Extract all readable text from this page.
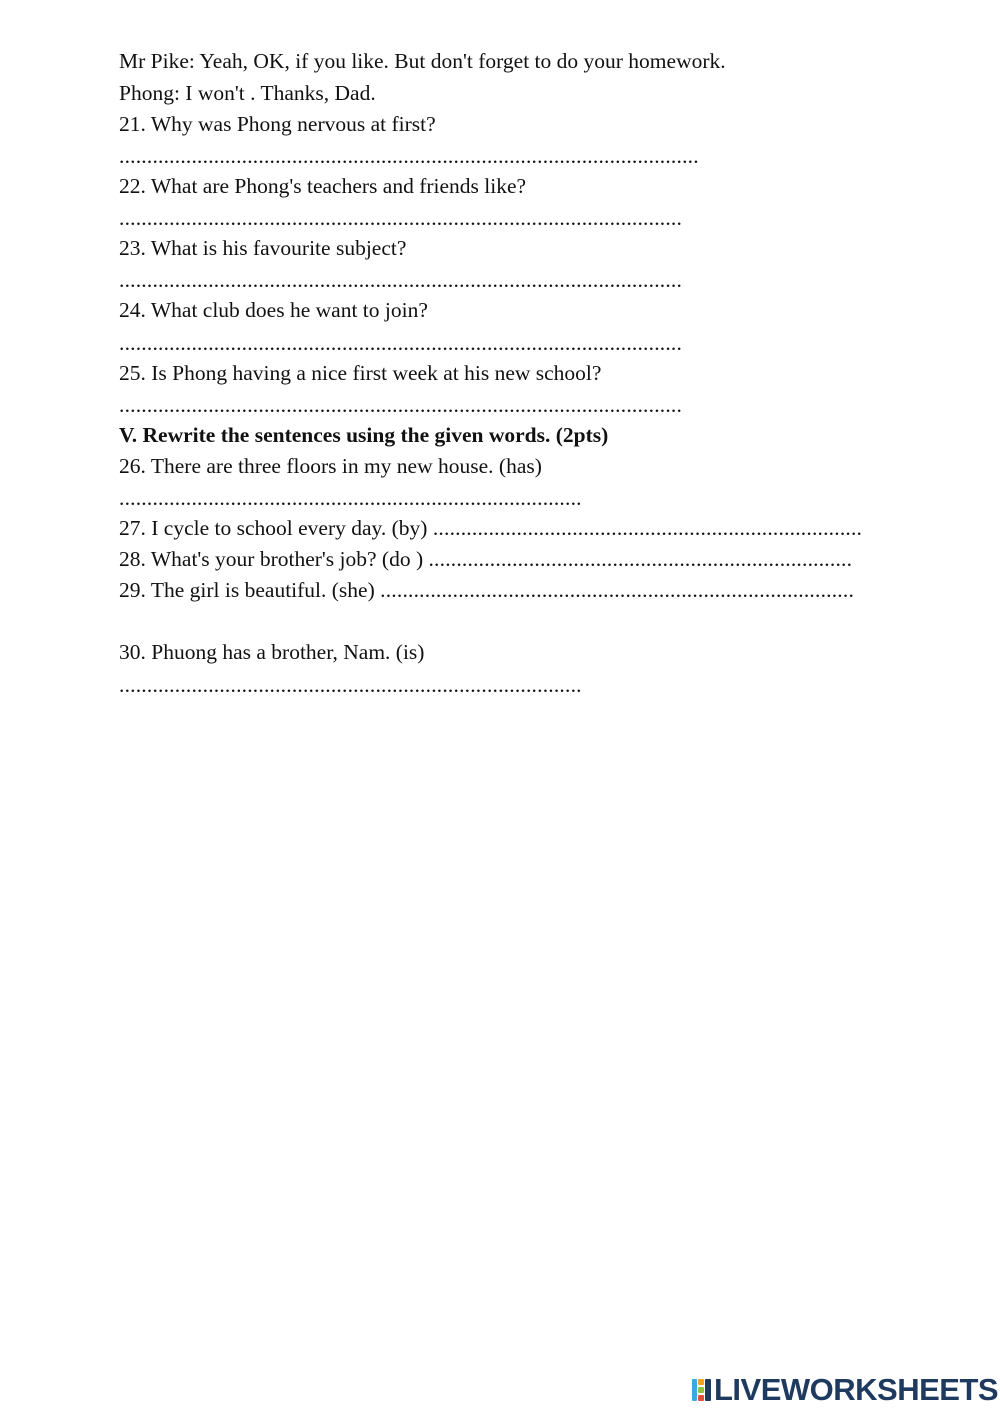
Mr Pike: Yeah, OK, if you like. But don't forget to do your homework.
Phong: I won't . Thanks, Dad.
21. Why was Phong nervous at first?
........................................................................................................
22. What are Phong's teachers and friends like?
.....................................................................................................
23. What is his favourite subject?
.....................................................................................................
24. What club does he want to join?
.....................................................................................................
25. Is Phong having a nice first week at his new school?
.....................................................................................................
V. Rewrite the sentences using the given words. (2pts)
26. There are three floors in my new house. (has)
...................................................................................
27. I cycle to school every day. (by) .............................................................................
28. What's your brother's job? (do ) ............................................................................
29. The girl is beautiful. (she) .....................................................................................
30. Phuong has a brother, Nam. (is)
...................................................................................
LIVEWORKSHEETS
